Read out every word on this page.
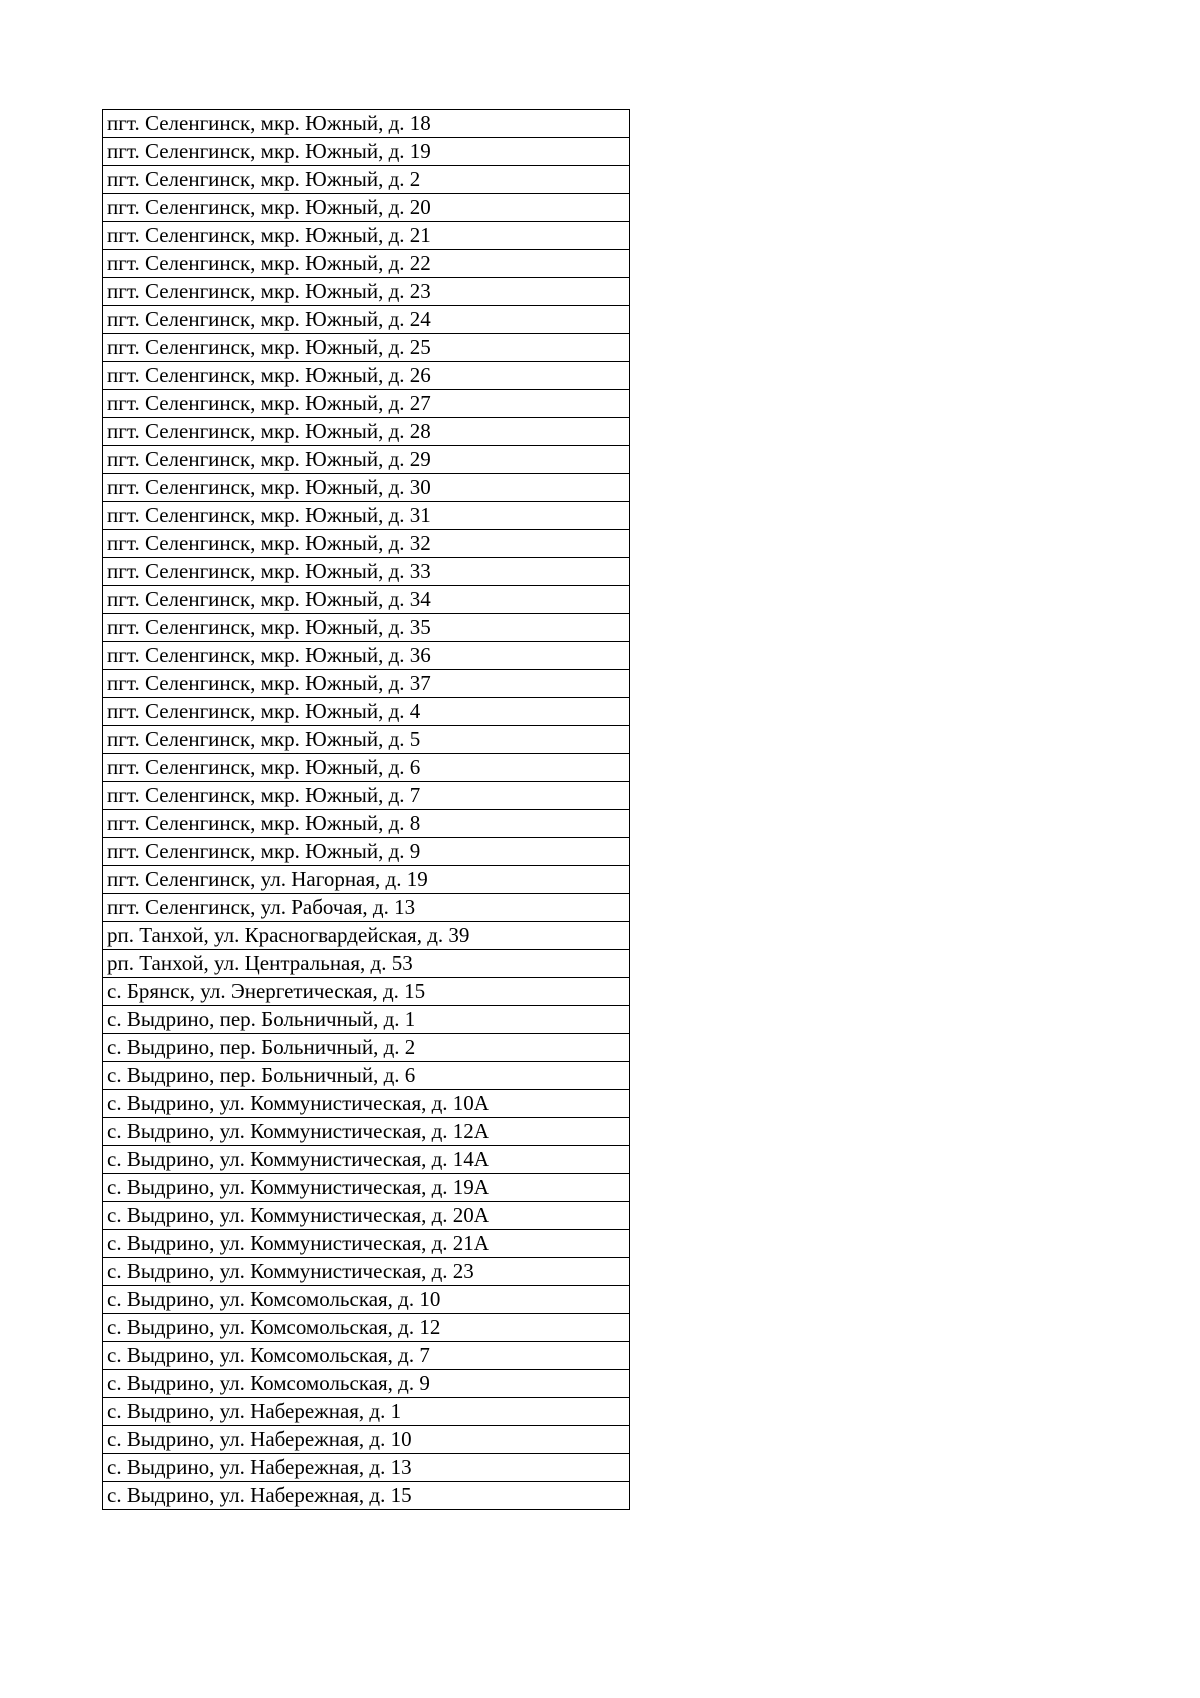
пгт. Селенгинск, мкр. Южный, д. 18
пгт. Селенгинск, мкр. Южный, д. 19
пгт. Селенгинск, мкр. Южный, д. 2
пгт. Селенгинск, мкр. Южный, д. 20
пгт. Селенгинск, мкр. Южный, д. 21
пгт. Селенгинск, мкр. Южный, д. 22
пгт. Селенгинск, мкр. Южный, д. 23
пгт. Селенгинск, мкр. Южный, д. 24
пгт. Селенгинск, мкр. Южный, д. 25
пгт. Селенгинск, мкр. Южный, д. 26
пгт. Селенгинск, мкр. Южный, д. 27
пгт. Селенгинск, мкр. Южный, д. 28
пгт. Селенгинск, мкр. Южный, д. 29
пгт. Селенгинск, мкр. Южный, д. 30
пгт. Селенгинск, мкр. Южный, д. 31
пгт. Селенгинск, мкр. Южный, д. 32
пгт. Селенгинск, мкр. Южный, д. 33
пгт. Селенгинск, мкр. Южный, д. 34
пгт. Селенгинск, мкр. Южный, д. 35
пгт. Селенгинск, мкр. Южный, д. 36
пгт. Селенгинск, мкр. Южный, д. 37
пгт. Селенгинск, мкр. Южный, д. 4
пгт. Селенгинск, мкр. Южный, д. 5
пгт. Селенгинск, мкр. Южный, д. 6
пгт. Селенгинск, мкр. Южный, д. 7
пгт. Селенгинск, мкр. Южный, д. 8
пгт. Селенгинск, мкр. Южный, д. 9
пгт. Селенгинск, ул. Нагорная, д. 19
пгт. Селенгинск, ул. Рабочая, д. 13
рп. Танхой, ул. Красногвардейская, д. 39
рп. Танхой, ул. Центральная, д. 53
с. Брянск, ул. Энергетическая, д. 15
с. Выдрино, пер. Больничный, д. 1
с. Выдрино, пер. Больничный, д. 2
с. Выдрино, пер. Больничный, д. 6
с. Выдрино, ул. Коммунистическая, д. 10А
с. Выдрино, ул. Коммунистическая, д. 12А
с. Выдрино, ул. Коммунистическая, д. 14А
с. Выдрино, ул. Коммунистическая, д. 19А
с. Выдрино, ул. Коммунистическая, д. 20А
с. Выдрино, ул. Коммунистическая, д. 21А
с. Выдрино, ул. Коммунистическая, д. 23
с. Выдрино, ул. Комсомольская, д. 10
с. Выдрино, ул. Комсомольская, д. 12
с. Выдрино, ул. Комсомольская, д. 7
с. Выдрино, ул. Комсомольская, д. 9
с. Выдрино, ул. Набережная, д. 1
с. Выдрино, ул. Набережная, д. 10
с. Выдрино, ул. Набережная, д. 13
с. Выдрино, ул. Набережная, д. 15
